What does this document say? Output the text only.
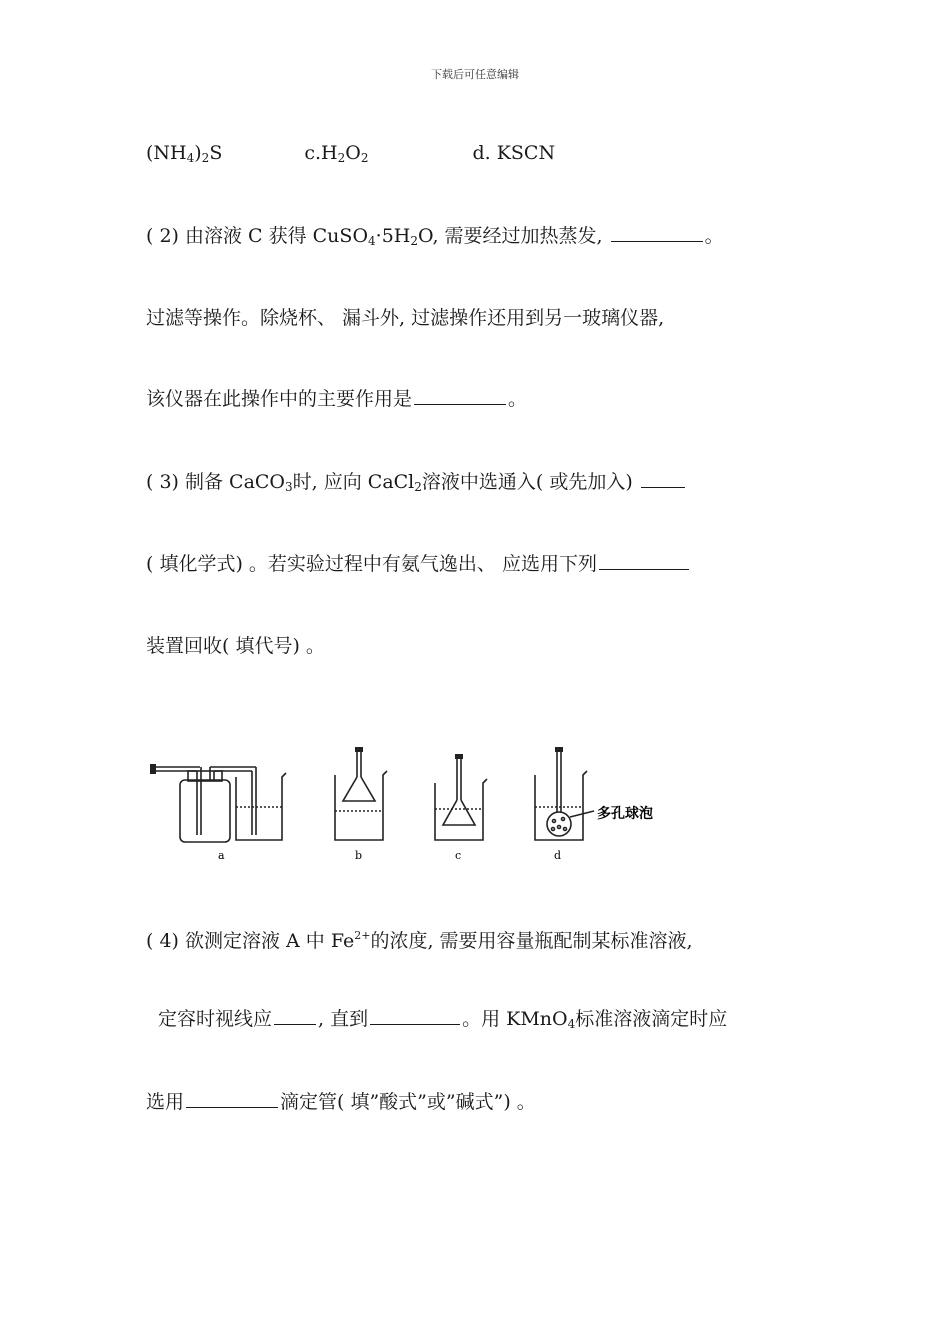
下载后可任意编辑
$(NH_4)_2S$	$c.H_2O_2$	d. KSCN
( 2) 由溶液 C 获得 $CuSO_4\cdot 5H_2O$, 需要经过加热蒸发,	。
过滤等操作。除烧杯、 漏斗外, 过滤操作还用到另一玻璃仪器,
该仪器在此操作中的主要作用是	。
( 3) 制备 CaCO$_3$时, 应向 CaCl$_2$溶液中选通入( 或先加入)
( 填化学式) 。若实验过程中有氨气逸出、 应选用下列
装置回收( 填代号) 。
a	b	c	d
多孔球泡
( 4) 欲测定溶液 A 中 $Fe^{2+}$的浓度, 需要用容量瓶配制某标准溶液,
定容时视线应 , 直到	。用 KMnO$_4$标准溶液滴定时应
选用	滴定管( 填”酸式”或”碱式”) 。
